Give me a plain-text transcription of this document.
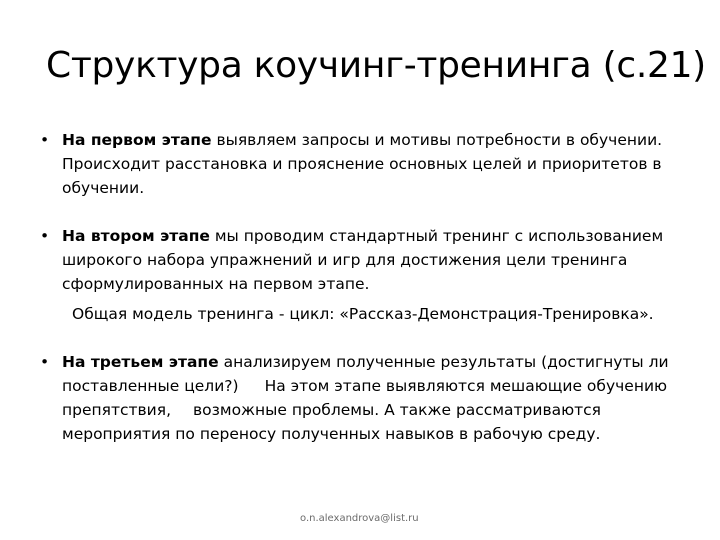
Структура коучинг-тренинга (с.21)
• На первом этапе выявляем запросы и мотивы потребности в обучении. Происходит расстановка и прояснение основных целей и приоритетов в обучении.
• На втором этапе мы проводим стандартный тренинг с использованием широкого набора упражнений и игр для достижения цели тренинга сформулированных на первом этапе.
Общая модель тренинга - цикл: «Рассказ-Демонстрация-Тренировка».
• На третьем этапе анализируем полученные результаты (достигнуты ли поставленные цели?) На этом этапе выявляются мешающие обучению препятствия, возможные проблемы. А также рассматриваются мероприятия по переносу полученных навыков в рабочую среду.
o.n.alexandrova@list.ru
